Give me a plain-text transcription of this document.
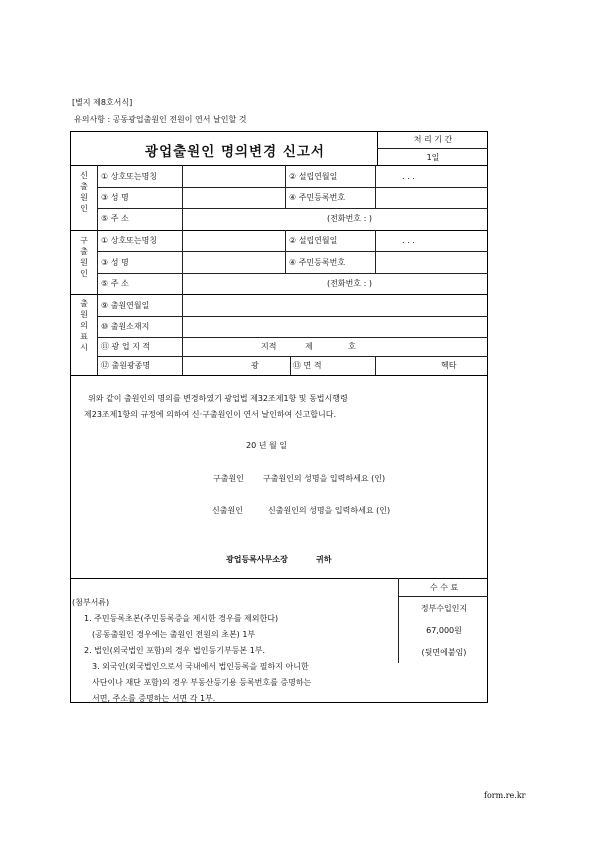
[별지 제8호서식]
유의사항 : 공동광업출원인 전원이 연서 날인할 것
광업출원인 명의변경 신고서
처 리 기 간
1일
신
출
원
인
구
출
원
인
출
원
의
표
시
① 상호또는명칭	② 설립연월일	. . .
③ 성 명	④ 주민등록번호
⑤ 주 소	(전화번호 : )
① 상호또는명칭	② 설립연월일	. . .
③ 성 명	④ 주민등록번호
⑤ 주 소	(전화번호 : )
⑨ 출원연월일
⑩ 출원소재지
⑪ 광 업 지 적	지적	제	호
⑫ 출원광종명	광	⑬ 면 적	헥타
위와 같이 출원인의 명의를 변경하였기 광업법 제32조제1항 및 동법시행령
제23조제1항의 규정에 의하여 신·구출원인이 연서 날인하여 신고합니다.
20 년 월 일
구출원인 구출원인의 성명을 입력하세요 (인)
신출원인	신출원인의 성명을 입력하세요 (인)
광업등록사무소장	귀하
수 수 료
정부수입인지
67,000원
(뒷면에붙임)
(첨부서류)
1. 주민등록초본(주민등록증을 제시한 경우를 제외한다)
(공동출원인 경우에는 출원인 전원의 초본) 1부
2. 법인(외국법인 포함)의 경우 법인등기부등본 1부.
3. 외국인(외국법인으로서 국내에서 법인등록을 필하지 아니한
사단이나 재단 포함)의 경우 부동산등기용 등록번호를 증명하는
서면, 주소를 증명하는 서면 각 1부.
form.re.kr
